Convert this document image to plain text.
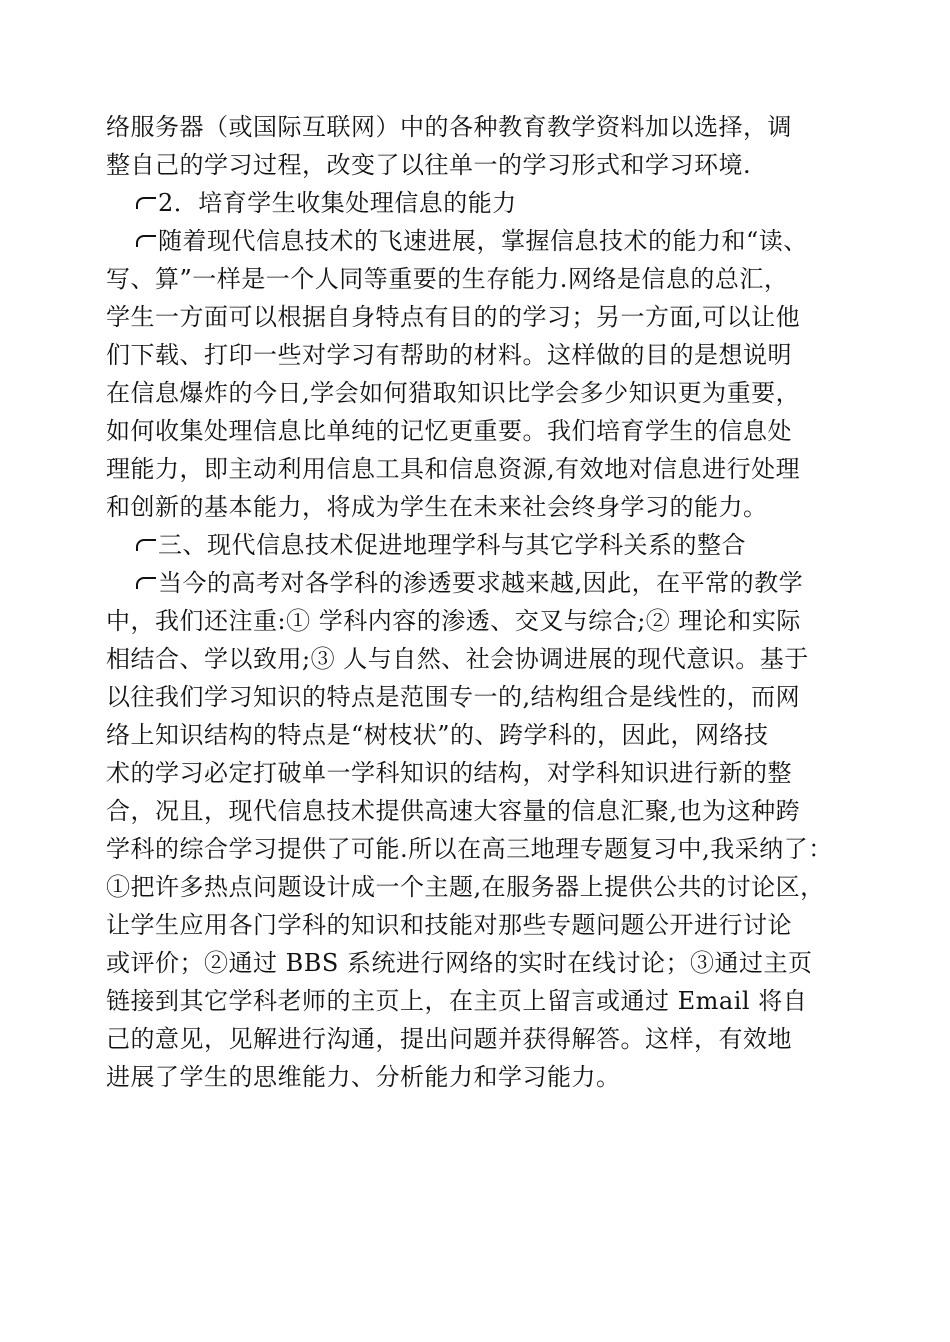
络服务器（或国际互联网）中的各种教育教学资料加以选择，调
整自己的学习过程，改变了以往单一的学习形式和学习环境.

2．培育学生收集处理信息的能力

随着现代信息技术的飞速进展，掌握信息技术的能力和“读、
写、算”一样是一个人同等重要的生存能力.网络是信息的总汇，
学生一方面可以根据自身特点有目的的学习；另一方面,可以让他
们下载、打印一些对学习有帮助的材料。这样做的目的是想说明
在信息爆炸的今日,学会如何猎取知识比学会多少知识更为重要，
如何收集处理信息比单纯的记忆更重要。我们培育学生的信息处
理能力，即主动利用信息工具和信息资源,有效地对信息进行处理
和创新的基本能力，将成为学生在未来社会终身学习的能力。

三、现代信息技术促进地理学科与其它学科关系的整合

当今的高考对各学科的渗透要求越来越,因此，在平常的教学
中，我们还注重:① 学科内容的渗透、交叉与综合;② 理论和实际
相结合、学以致用;③ 人与自然、社会协调进展的现代意识。基于
以往我们学习知识的特点是范围专一的,结构组合是线性的，而网
络上知识结构的特点是“树枝状”的、跨学科的，因此，网络技
术的学习必定打破单一学科知识的结构，对学科知识进行新的整
合，况且，现代信息技术提供高速大容量的信息汇聚,也为这种跨
学科的综合学习提供了可能.所以在高三地理专题复习中,我采纳了：
①把许多热点问题设计成一个主题,在服务器上提供公共的讨论区，
让学生应用各门学科的知识和技能对那些专题问题公开进行讨论
或评价；②通过 BBS 系统进行网络的实时在线讨论；③通过主页
链接到其它学科老师的主页上，在主页上留言或通过 Email 将自
己的意见，见解进行沟通，提出问题并获得解答。这样，有效地
进展了学生的思维能力、分析能力和学习能力。
